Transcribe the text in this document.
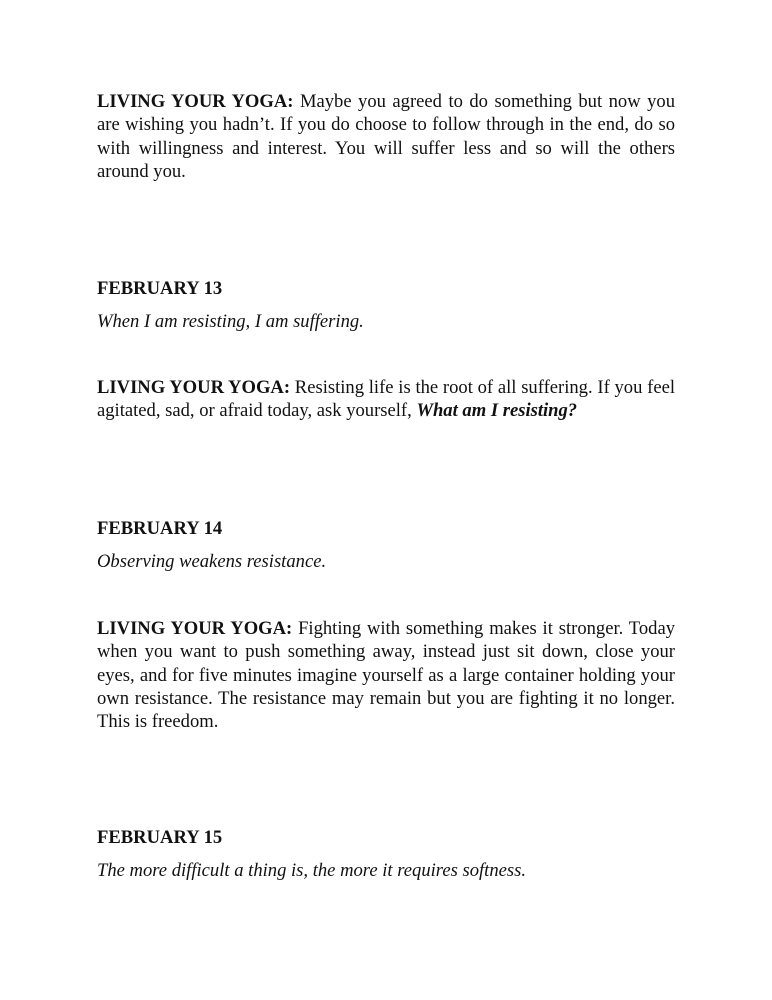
LIVING YOUR YOGA: Maybe you agreed to do something but now you are wishing you hadn’t. If you do choose to follow through in the end, do so with willingness and interest. You will suffer less and so will the others around you.

FEBRUARY 13

When I am resisting, I am suffering.

LIVING YOUR YOGA: Resisting life is the root of all suffering. If you feel agitated, sad, or afraid today, ask yourself, What am I resisting?

FEBRUARY 14

Observing weakens resistance.

LIVING YOUR YOGA: Fighting with something makes it stronger. Today when you want to push something away, instead just sit down, close your eyes, and for five minutes imagine yourself as a large container holding your own resistance. The resistance may remain but you are fighting it no longer. This is freedom.

FEBRUARY 15

The more difficult a thing is, the more it requires softness.
